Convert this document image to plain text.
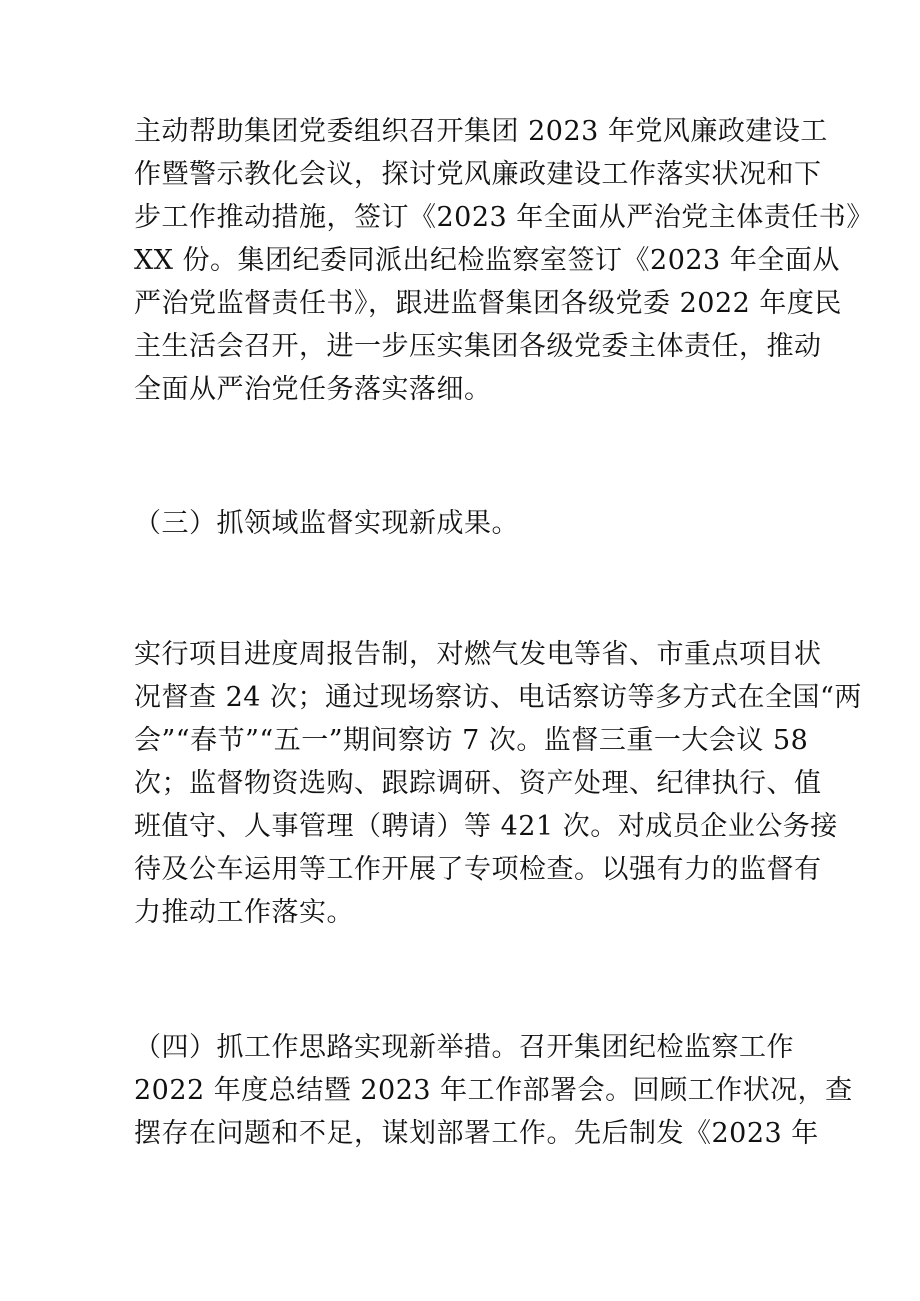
主动帮助集团党委组织召开集团 2023 年党风廉政建设工
作暨警示教化会议，探讨党风廉政建设工作落实状况和下
步工作推动措施，签订《2023 年全面从严治党主体责任书》
XX 份。集团纪委同派出纪检监察室签订《2023 年全面从
严治党监督责任书》，跟进监督集团各级党委 2022 年度民
主生活会召开，进一步压实集团各级党委主体责任，推动
全面从严治党任务落实落细。
（三）抓领域监督实现新成果。
实行项目进度周报告制，对燃气发电等省、市重点项目状
况督查 24 次；通过现场察访、电话察访等多方式在全国“两
会”“春节”“五一”期间察访 7 次。监督三重一大会议 58
次；监督物资选购、跟踪调研、资产处理、纪律执行、值
班值守、人事管理（聘请）等 421 次。对成员企业公务接
待及公车运用等工作开展了专项检查。以强有力的监督有
力推动工作落实。
（四）抓工作思路实现新举措。召开集团纪检监察工作
2022 年度总结暨 2023 年工作部署会。回顾工作状况，查
摆存在问题和不足，谋划部署工作。先后制发《2023 年
